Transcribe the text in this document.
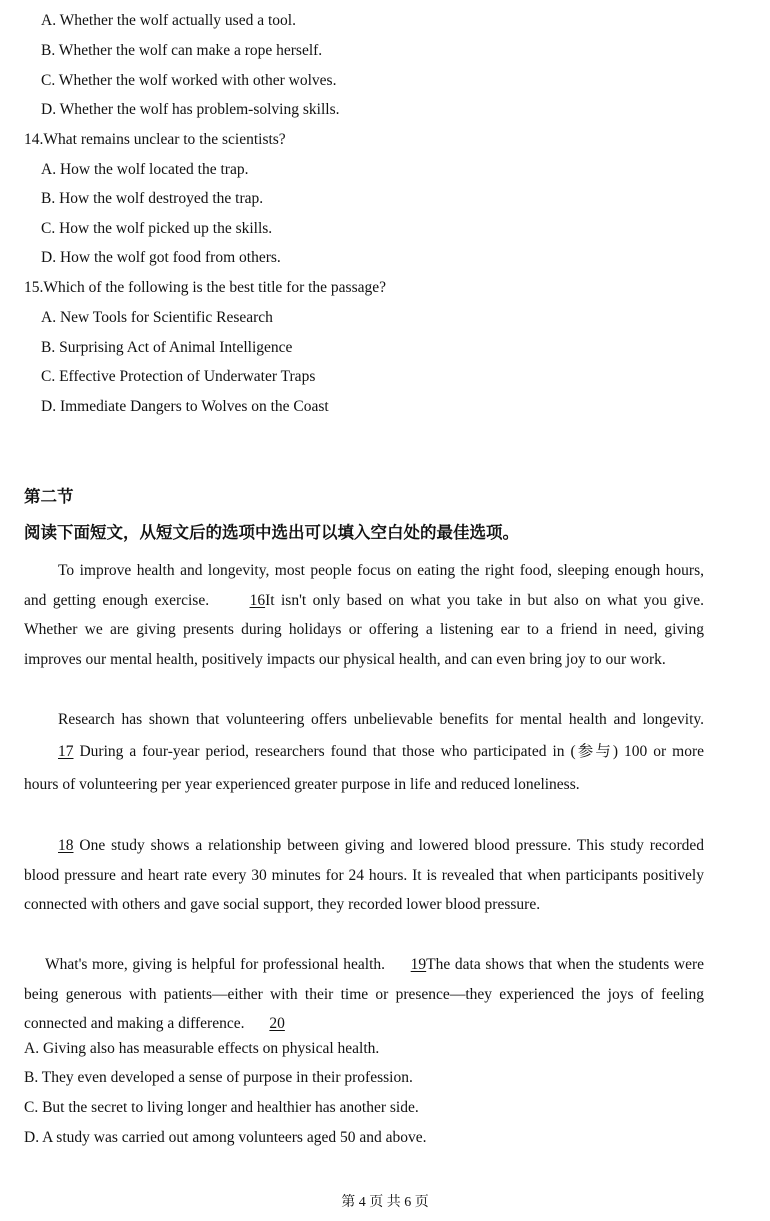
A. Whether the wolf actually used a tool.
B. Whether the wolf can make a rope herself.
C. Whether the wolf worked with other wolves.
D. Whether the wolf has problem-solving skills.
14.What remains unclear to the scientists?
A. How the wolf located the trap.
B. How the wolf destroyed the trap.
C. How the wolf picked up the skills.
D. How the wolf got food from others.
15.Which of the following is the best title for the passage?
A. New Tools for Scientific Research
B. Surprising Act of Animal Intelligence
C. Effective Protection of Underwater Traps
D. Immediate Dangers to Wolves on the Coast
第二节
阅读下面短文，从短文后的选项中选出可以填入空白处的最佳选项。
To improve health and longevity, most people focus on eating the right food, sleeping enough hours, and getting enough exercise. 16It isn't only based on what you take in but also on what you give. Whether we are giving presents during holidays or offering a listening ear to a friend in need, giving improves our mental health, positively impacts our physical health, and can even bring joy to our work.
Research has shown that volunteering offers unbelievable benefits for mental health and longevity. 17 During a four-year period, researchers found that those who participated in (参与) 100 or more hours of volunteering per year experienced greater purpose in life and reduced loneliness.
18 One study shows a relationship between giving and lowered blood pressure. This study recorded blood pressure and heart rate every 30 minutes for 24 hours. It is revealed that when participants positively connected with others and gave social support, they recorded lower blood pressure.
What's more, giving is helpful for professional health. 19The data shows that when the students were being generous with patients—either with their time or presence—they experienced the joys of feeling connected and making a difference. 20
A. Giving also has measurable effects on physical health.
B. They even developed a sense of purpose in their profession.
C. But the secret to living longer and healthier has another side.
D. A study was carried out among volunteers aged 50 and above.
第 4 页 共 6 页
